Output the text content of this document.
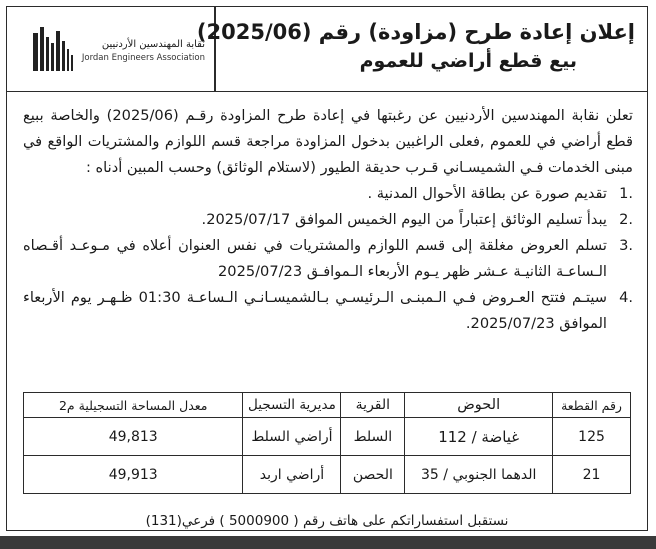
نقابة المهندسين الأردنيين
Jordan Engineers Association
إعلان إعادة طرح (مزاودة) رقم (2025/06)
بيع قطع أراضي للعموم

تعلن نقابة المهندسين الأردنيين عن رغبتها في إعادة طرح المزاودة رقـم (2025/06) والخاصة ببيع قطع أراضي في للعموم ,فعلى الراغبين بدخول المزاودة مراجعة قسم اللوازم والمشتريات الواقع في مبنى الخدمات فـي الشميسـاني قـرب حديقة الطيور (لاستلام الوثائق) وحسب المبين أدناه :

.1
تقديم صورة عن بطاقة الأحوال المدنية .
.2
يبدأ تسليم الوثائق إعتباراً من اليوم الخميس الموافق 2025/07/17.
.3
تسلم العروض مغلقة إلى قسم اللوازم والمشتريات في نفس العنوان أعلاه في مـوعـد أقـصاه الـساعـة الثانيـة عـشر ظهر يـوم الأربعاء الـموافـق 2025/07/23
.4
سيتـم فتتح العـروض فـي الـمبنـى الـرئيسـي بـالشميسـانـي الـساعـة 01:30 ظـهـر يوم الأربعاء الموافق 2025/07/23.
رقم القطعة	الحوض	القرية	مديرية التسجيل	معدل المساحة التسجيلية م2
125	غياضة / 112	السلط	أراضي السلط	49,813
21	الدهما الجنوبي / 35	الحصن	أراضي اربد	49,913
نستقبل استفساراتكم على هاتف رقم ( 5000900 ) فرعي(131)
